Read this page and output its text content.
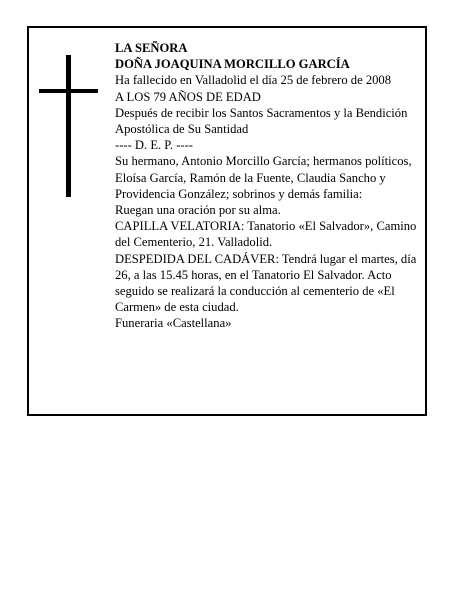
LA SEÑORA

DOÑA JOAQUINA MORCILLO GARCÍA

Ha fallecido en Valladolid el día 25 de febrero de 2008

A LOS 79 AÑOS DE EDAD

Después de recibir los Santos Sacramentos y la Bendición Apostólica de Su Santidad

---- D. E. P. ----

Su hermano, Antonio Morcillo García; hermanos políticos, Eloísa García, Ramón de la Fuente, Claudia Sancho y Providencia González; sobrinos y demás familia:

Ruegan una oración por su alma.

CAPILLA VELATORIA: Tanatorio «El Salvador», Camino del Cementerio, 21. Valladolid.

DESPEDIDA DEL CADÁVER: Tendrá lugar el martes, día 26, a las 15.45 horas, en el Tanatorio El Salvador. Acto seguido se realizará la conducción al cementerio de «El Carmen» de esta ciudad.

Funeraria «Castellana»
